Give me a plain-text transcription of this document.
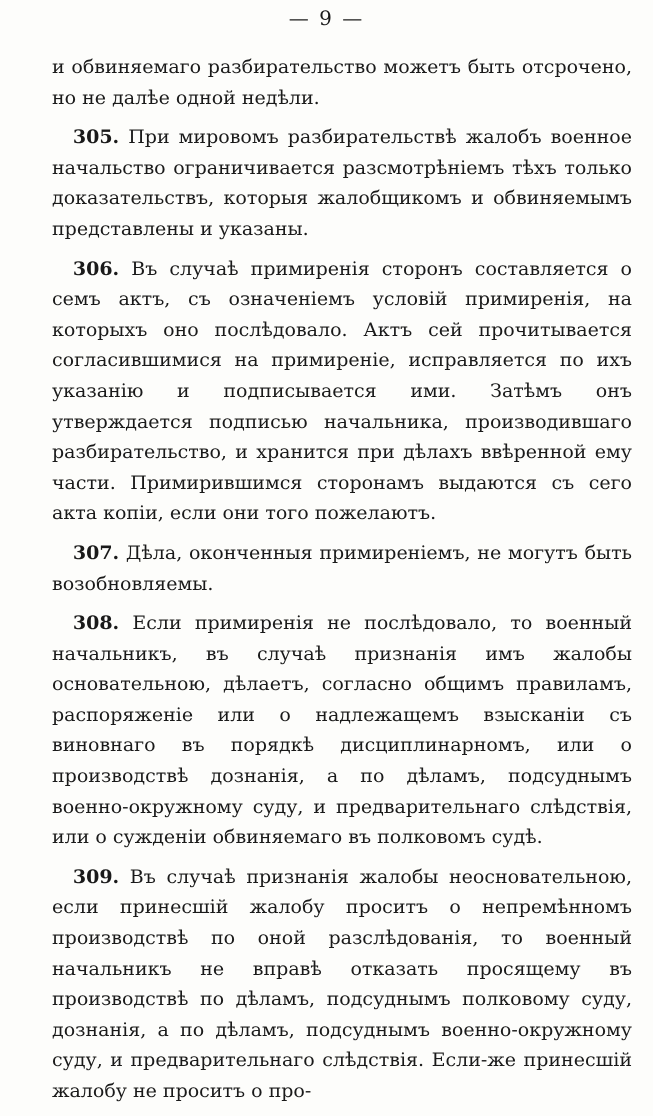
— 9 —

и обвиняемаго разбирательство можетъ быть отсрочено, но не далѣе одной недѣли.

305. При мировомъ разбирательствѣ жалобъ военное начальство ограничивается разсмотрѣніемъ тѣхъ только доказательствъ, которыя жалобщикомъ и обвиняемымъ представлены и указаны.

306. Въ случаѣ примиренія сторонъ составляется о семъ актъ, съ означеніемъ условій примиренія, на которыхъ оно послѣдовало. Актъ сей прочитывается согласившимися на примиреніе, исправляется по ихъ указанію и подписывается ими. Затѣмъ онъ утверждается подписью начальника, производившаго разбирательство, и хранится при дѣлахъ ввѣренной ему части. Примирившимся сторонамъ выдаются съ сего акта копіи, если они того пожелаютъ.

307. Дѣла, оконченныя примиреніемъ, не могутъ быть возобновляемы.

308. Если примиренія не послѣдовало, то военный начальникъ, въ случаѣ признанія имъ жалобы основательною, дѣлаетъ, согласно общимъ правиламъ, распоряженіе или о надлежащемъ взысканіи съ виновнаго въ порядкѣ дисциплинарномъ, или о производствѣ дознанія, а по дѣламъ, подсуднымъ военно-окружному суду, и предварительнаго слѣдствія, или о сужденіи обвиняемаго въ полковомъ судѣ.

309. Въ случаѣ признанія жалобы неосновательною, если принесшій жалобу проситъ о непремѣнномъ производствѣ по оной разслѣдованія, то военный начальникъ не вправѣ отказать просящему въ производствѣ по дѣламъ, подсуднымъ полковому суду, дознанія, а по дѣламъ, подсуднымъ военно-окружному суду, и предварительнаго слѣдствія. Если-же принесшій жалобу не проситъ о про-
